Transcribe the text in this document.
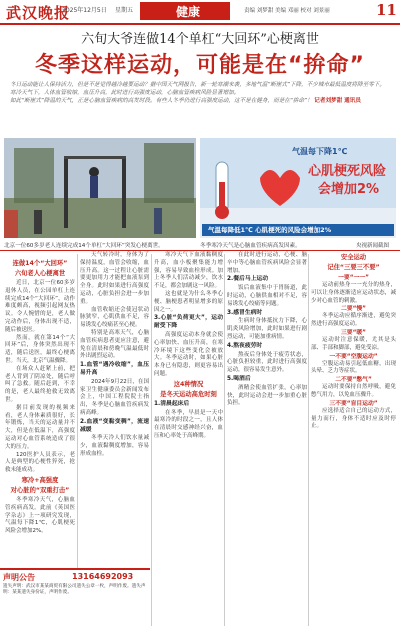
武汉晚报
2025年12月5日 星期五	健康	责编 刘梦甜 美编 邓丽 校对 刘景丽	11
六旬大爷连做14个单杠“大回环”心梗离世
冬季这样运动，可能是在“拚命”
冬日运动能让人保持活力，但是不是觉得越冷越要运动？据中国天气网报告，新一轮寒潮来袭，多地气温“断崖式”下降，不少城市最低温度将降至零下。寒冷天气下，人体血管收缩，血压升高，此时进行高强度运动，心脑血管疾病风险显著增加。
如此“断崖式”降温的天气，正是心脑血管疾病的高发时段。有些人冬季仍进行高强度运动，这不是在健身，而是在“拚命”！ 记者刘梦甜 通讯员
气温每下降1℃
心肌梗死风险
会增加2%
气温每降低1℃ 心肌梗死的风险会增加2%
北京一位60多岁老人连续完成14个单杠“大回环”突发心梗离世。	冬季寒冷天气是心脑血管疾病高发因素。	央视新闻截图
连做14个“大回环”
六旬老人心梗离世

近日，北京一位60多岁退休人员，在公园单杠上连续完成14个“大回环”，动作难度颇高，视频引起网友热议。令人惋惜的是，老人做完动作后，身体出现不适，随后被送医。

然而，就在第14个“大回环”后，身体突然出现不适，随后送医，最终心梗离世。当天，北京气温骤降。

在场众人赶紧上前，把老人背到了阴凉处，随后呼叫了急救。随后赶到，不幸的是，老人最终抢救无效离世。

据目前发现的视频来看，老人身体素质很好，长年锻炼，当天的运动量并不大，但是在低温下，高强度运动对心血管系统造成了很大的压力。

120医护人员表示，老人是典型的心梗性猝死，抢救未能成功。

寒冷+高强度
对心脏的“双重打击”

冬季寒冷天气，心脑血管疾病高发。此前《英国医学杂志》上一项研究发现，气温每下降1℃，心肌梗死风险会增加2%。

天气转冷时，身体为了保持温度，血管会收缩，血压升高。这一过程让心脏需要更加用力才能把血液泵到全身。此时如果进行高强度运动，心脏负担会进一步加重。

血管收缩还会使冠状动脉狭窄，心肌供血不足，容易诱发心绞痛甚至心梗。

特别是高寒天气，心脑血管疾病患者更应注意，避免在清晨和傍晚气温最低时外出剧烈运动。

1.血管“遇冷收缩”，血压易升高

2024年9月22日，在国家卫生健康委员会新闻发布会上，中国工程院院士指出，冬季是心脑血管疾病发病高峰。

2.血液“变黏变稠”，流速减缓

冬季天冷人们饮水量减少，血液黏稠度增加，容易形成血栓。

寒冷天气下血液黏稠度升高，血小板聚集能力增强，容易导致血栓形成。加上冬季人们活动减少，饮水不足，都会加剧这一风险。

这也就是为什么冬季心梗、脑梗患者明显增多的原因之一。

3.心脏“负荷更大”，运动耐受下降

高强度运动本身就会使心率加快、血压升高，在寒冷环境下这些变化会被放大。冬季运动时，如果心脏本身已有隐患，则更容易出问题。

这4种情况
是冬天运动高危时刻
1.清晨起床后

在冬季，早晨是一天中最寒冷的时段之一，且人体在清晨时交感神经兴奋，血压和心率处于高峰期。

在此时进行运动，心梗、脑卒中等心脑血管疾病风险会显著增加。

2.餐后马上运动

饭后血液集中于胃肠道，此时运动，心脑供血相对不足，容易诱发心绞痛等问题。

3.感冒生病时

生病时身体抵抗力下降，心肌炎风险增加，此时如果进行剧烈运动，可能加重病情。

4.熬夜疲劳时

熬夜后身体处于疲劳状态，心脏负担较重，此时进行高强度运动，很容易发生意外。

5.喝酒后

酒精会使血管扩张，心率加快，此时运动会进一步加重心脏负担。

安全运动
记住“三要三不要”
一要“一一”

运动前热身一一充分的热身，可以让身体逐渐适应运动状态，减少对心血管的刺激。

二要“慢”

冬季运动应循序渐进，避免突然进行高强度运动。

三要“暖”

运动时注意保暖，尤其是头部、手部和脚部，避免受凉。

一不要“空腹运动”

空腹运动易引起低血糖，出现头晕、乏力等症状。

二不要“憋气”

运动时要保持自然呼吸，避免憋气用力，以免血压骤升。

三不要“盲目运动”

应选择适合自己的运动方式，量力而行，身体不适时应及时停止。

声明公告	13164692093
遗失声明：武汉市某某商贸有限公司遗失公章一枚，声明作废。遗失声明：某某遗失身份证，声明作废。
